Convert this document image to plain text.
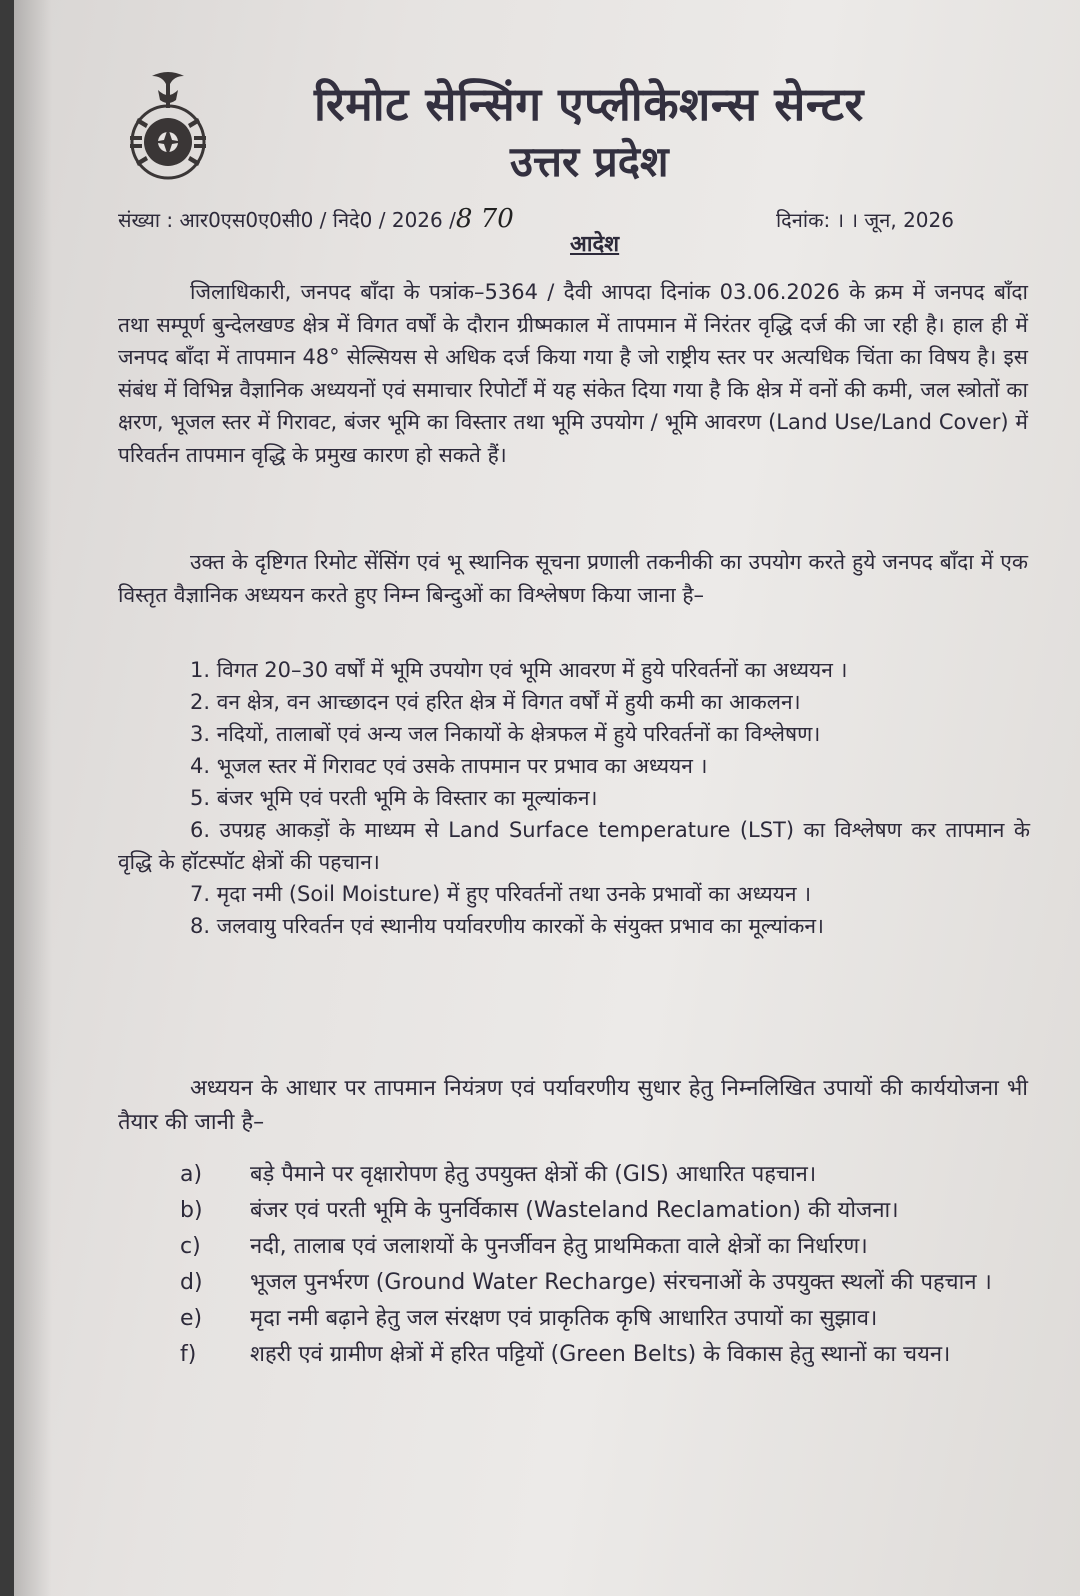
रिमोट सेन्सिंग एप्लीकेशन्स सेन्टर
उत्तर प्रदेश
संख्या : आर0एस0ए0सी0 / निदे0 / 2026 /8 70	दिनांक: । । जून, 2026
आदेश

जिलाधिकारी, जनपद बाँदा के पत्रांक–5364 / दैवी आपदा दिनांक 03.06.2026 के क्रम में जनपद बाँदा तथा सम्पूर्ण बुन्देलखण्ड क्षेत्र में विगत वर्षों के दौरान ग्रीष्मकाल में तापमान में निरंतर वृद्धि दर्ज की जा रही है। हाल ही में जनपद बाँदा में तापमान 48° सेल्सियस से अधिक दर्ज किया गया है जो राष्ट्रीय स्तर पर अत्यधिक चिंता का विषय है। इस संबंध में विभिन्न वैज्ञानिक अध्ययनों एवं समाचार रिपोर्टों में यह संकेत दिया गया है कि क्षेत्र में वनों की कमी, जल स्त्रोतों का क्षरण, भूजल स्तर में गिरावट, बंजर भूमि का विस्तार तथा भूमि उपयोग / भूमि आवरण (Land Use/Land Cover) में परिवर्तन तापमान वृद्धि के प्रमुख कारण हो सकते हैं।

उक्त के दृष्टिगत रिमोट सेंसिंग एवं भू स्थानिक सूचना प्रणाली तकनीकी का उपयोग करते हुये जनपद बाँदा में एक विस्तृत वैज्ञानिक अध्ययन करते हुए निम्न बिन्दुओं का विश्लेषण किया जाना है–

1. विगत 20–30 वर्षों में भूमि उपयोग एवं भूमि आवरण में हुये परिवर्तनों का अध्ययन ।
2. वन क्षेत्र, वन आच्छादन एवं हरित क्षेत्र में विगत वर्षों में हुयी कमी का आकलन।
3. नदियों, तालाबों एवं अन्य जल निकायों के क्षेत्रफल में हुये परिवर्तनों का विश्लेषण।
4. भूजल स्तर में गिरावट एवं उसके तापमान पर प्रभाव का अध्ययन ।
5. बंजर भूमि एवं परती भूमि के विस्तार का मूल्यांकन।
6. उपग्रह आकड़ों के माध्यम से Land Surface temperature (LST) का विश्लेषण कर तापमान के वृद्धि के हॉटस्पॉट क्षेत्रों की पहचान।
7. मृदा नमी (Soil Moisture) में हुए परिवर्तनों तथा उनके प्रभावों का अध्ययन ।
8. जलवायु परिवर्तन एवं स्थानीय पर्यावरणीय कारकों के संयुक्त प्रभाव का मूल्यांकन।

अध्ययन के आधार पर तापमान नियंत्रण एवं पर्यावरणीय सुधार हेतु निम्नलिखित उपायों की कार्ययोजना भी तैयार की जानी है–

a) बड़े पैमाने पर वृक्षारोपण हेतु उपयुक्त क्षेत्रों की (GIS) आधारित पहचान।
b) बंजर एवं परती भूमि के पुनर्विकास (Wasteland Reclamation) की योजना।
c) नदी, तालाब एवं जलाशयों के पुनर्जीवन हेतु प्राथमिकता वाले क्षेत्रों का निर्धारण।
d) भूजल पुनर्भरण (Ground Water Recharge) संरचनाओं के उपयुक्त स्थलों की पहचान ।
e) मृदा नमी बढ़ाने हेतु जल संरक्षण एवं प्राकृतिक कृषि आधारित उपायों का सुझाव।
f) शहरी एवं ग्रामीण क्षेत्रों में हरित पट्टियों (Green Belts) के विकास हेतु स्थानों का चयन।
